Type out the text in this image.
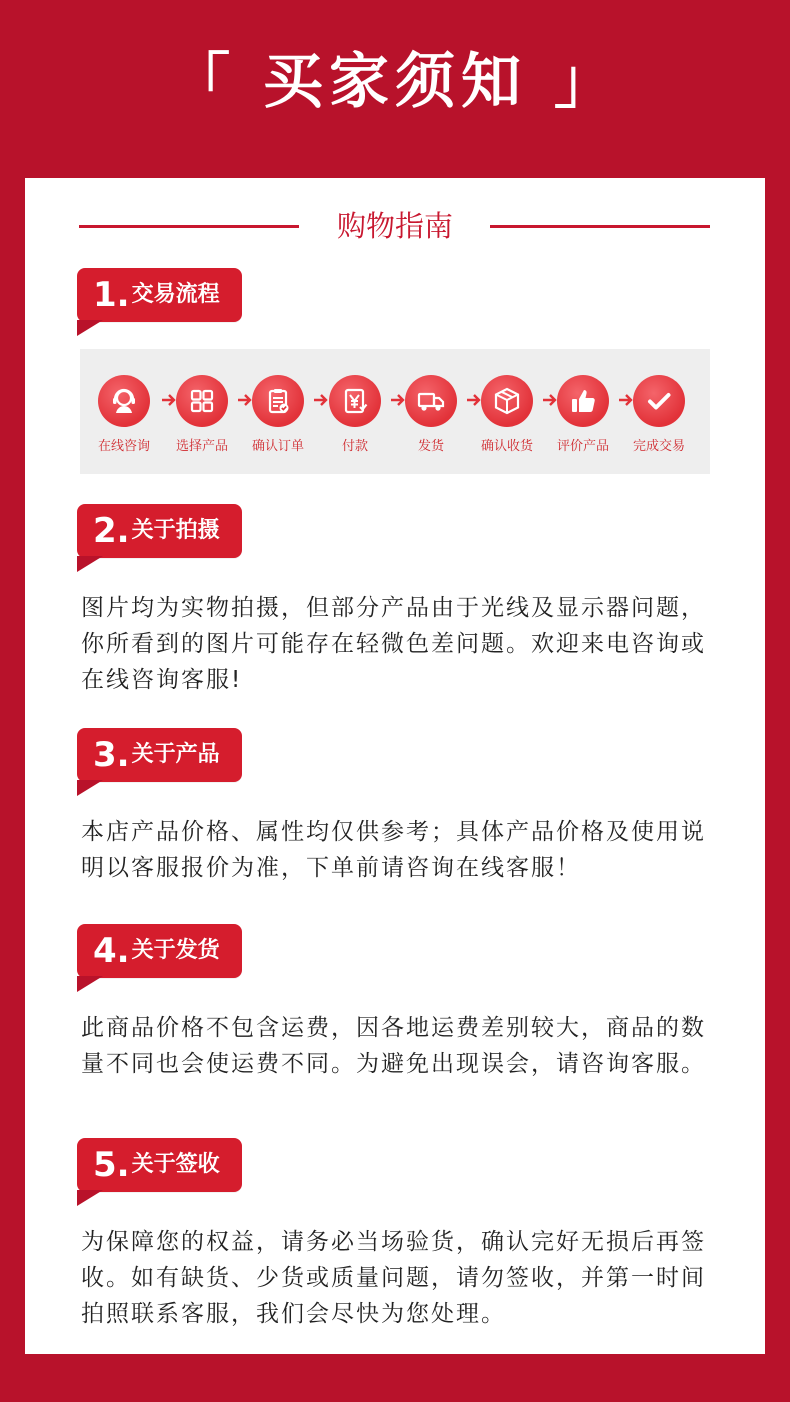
「 买家须知 」
购物指南
1. 交易流程
在线咨询	选择产品	确认订单	付款	发货	确认收货	评价产品	完成交易
2. 关于拍摄
图片均为实物拍摄，但部分产品由于光线及显示器问题，你所看到的图片可能存在轻微色差问题。欢迎来电咨询或在线咨询客服!
3. 关于产品
本店产品价格、属性均仅供参考；具体产品价格及使用说明以客服报价为准，下单前请咨询在线客服！
4. 关于发货
此商品价格不包含运费，因各地运费差别较大，商品的数量不同也会使运费不同。为避免出现误会，请咨询客服。
5. 关于签收
为保障您的权益，请务必当场验货，确认完好无损后再签收。如有缺货、少货或质量问题，请勿签收，并第一时间拍照联系客服，我们会尽快为您处理。
